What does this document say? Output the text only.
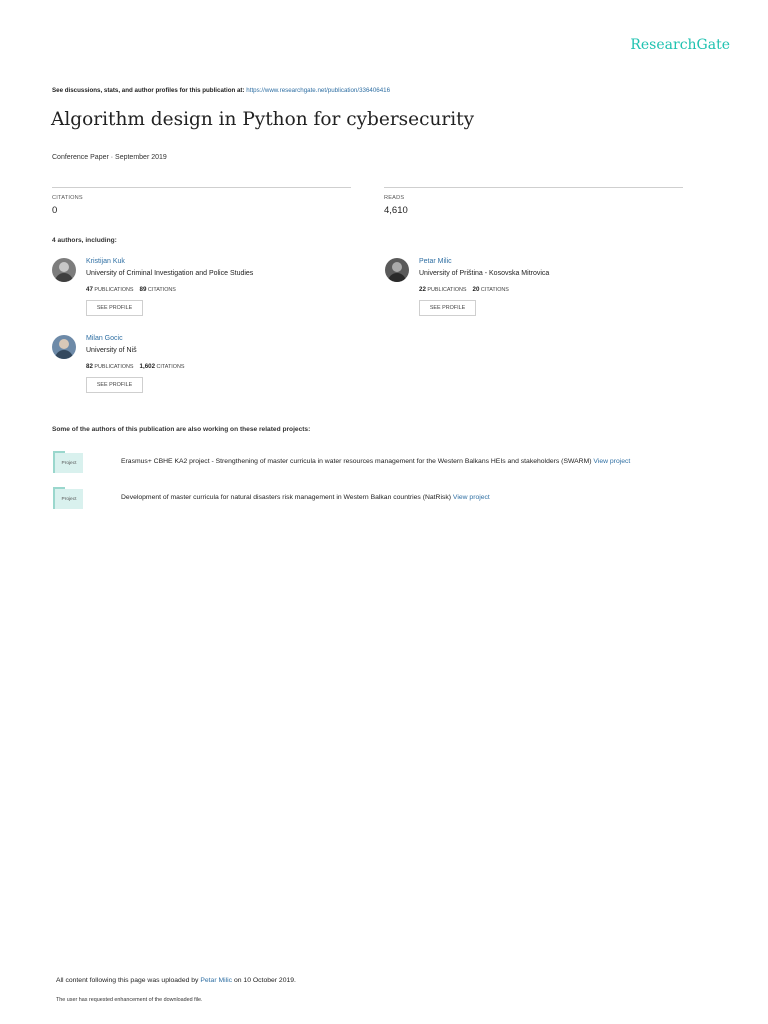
ResearchGate
See discussions, stats, and author profiles for this publication at: https://www.researchgate.net/publication/336406416
Algorithm design in Python for cybersecurity
Conference Paper · September 2019
CITATIONS
0
READS
4,610
4 authors, including:
Kristijan Kuk
University of Criminal Investigation and Police Studies
47 PUBLICATIONS 89 CITATIONS
SEE PROFILE
Petar Milic
University of Priština - Kosovska Mitrovica
22 PUBLICATIONS 20 CITATIONS
SEE PROFILE
Milan Gocic
University of Niš
82 PUBLICATIONS 1,602 CITATIONS
SEE PROFILE
Some of the authors of this publication are also working on these related projects:
Project	Erasmus+ CBHE KA2 project - Strengthening of master curricula in water resources management for the Western Balkans HEIs and stakeholders (SWARM) View project
Project	Development of master curricula for natural disasters risk management in Western Balkan countries (NatRisk) View project
All content following this page was uploaded by Petar Milic on 10 October 2019.
The user has requested enhancement of the downloaded file.
